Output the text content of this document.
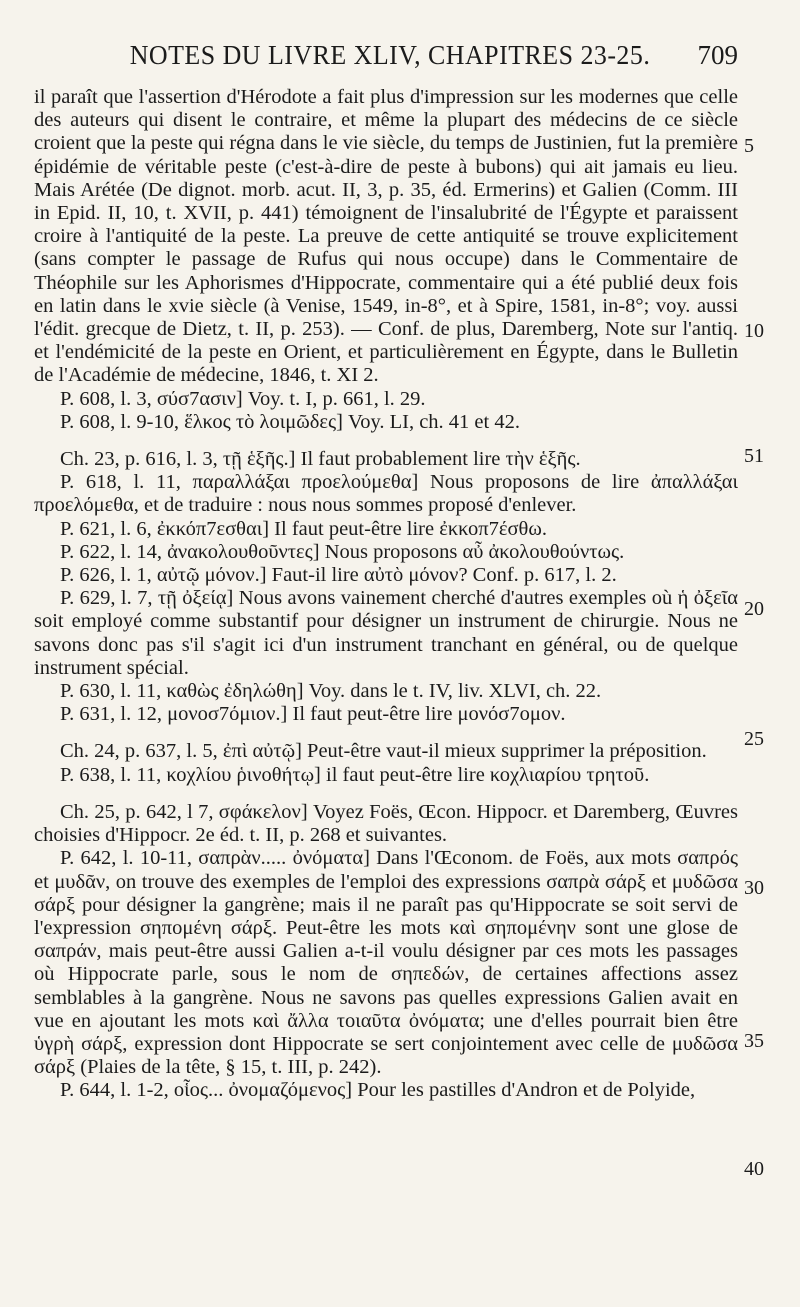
NOTES DU LIVRE XLIV, CHAPITRES 23-25.	709

il paraît que l'assertion d'Hérodote a fait plus d'impression sur les modernes que celle des auteurs qui disent le contraire, et même la plupart des médecins de ce siècle croient que la peste qui régna dans le vie siècle, du temps de Justinien, fut la première épidémie de véritable peste (c'est-à-dire de peste à bubons) qui ait jamais eu lieu. Mais Arétée (De dignot. morb. acut. II, 3, p. 35, éd. Ermerins) et Galien (Comm. III in Epid. II, 10, t. XVII, p. 441) témoignent de l'insalubrité de l'Égypte et paraissent croire à l'antiquité de la peste. La preuve de cette antiquité se trouve explicitement (sans compter le passage de Rufus qui nous occupe) dans le Commentaire de Théophile sur les Aphorismes d'Hippocrate, commentaire qui a été publié deux fois en latin dans le xvie siècle (à Venise, 1549, in-8°, et à Spire, 1581, in-8°; voy. aussi l'édit. grecque de Dietz, t. II, p. 253). — Conf. de plus, Daremberg, Note sur l'antiq. et l'endémicité de la peste en Orient, et particulièrement en Égypte, dans le Bulletin de l'Académie de médecine, 1846, t. XI 2.

P. 608, l. 3, σύσ7ασιν] Voy. t. I, p. 661, l. 29.

P. 608, l. 9-10, ἕλκος τὸ λοιμῶδες] Voy. LI, ch. 41 et 42.

Ch. 23, p. 616, l. 3, τῇ ἑξῆς.] Il faut probablement lire τὴν ἑξῆς.

P. 618, l. 11, παραλλάξαι προελούμεθα] Nous proposons de lire ἀπαλλάξαι προελόμεθα, et de traduire : nous nous sommes proposé d'enlever.

P. 621, l. 6, ἐκκόπ7εσθαι] Il faut peut-être lire ἐκκοπ7έσθω.

P. 622, l. 14, ἀνακολουθοῦντες] Nous proposons αὖ ἀκολουθούντως.

P. 626, l. 1, αὐτῷ μόνον.] Faut-il lire αὐτὸ μόνον? Conf. p. 617, l. 2.

P. 629, l. 7, τῇ ὀξείᾳ] Nous avons vainement cherché d'autres exemples où ἡ ὀξεῖα soit employé comme substantif pour désigner un instrument de chirurgie. Nous ne savons donc pas s'il s'agit ici d'un instrument tranchant en général, ou de quelque instrument spécial.

P. 630, l. 11, καθὼς ἐδηλώθη] Voy. dans le t. IV, liv. XLVI, ch. 22.

P. 631, l. 12, μονοσ7όμιον.] Il faut peut-être lire μονόσ7ομον.

Ch. 24, p. 637, l. 5, ἐπὶ αὐτῷ] Peut-être vaut-il mieux supprimer la préposition.

P. 638, l. 11, κοχλίου ῥινοθήτῳ] il faut peut-être lire κοχλιαρίου τρητοῦ.

Ch. 25, p. 642, l 7, σφάκελον] Voyez Foës, Œcon. Hippocr. et Daremberg, Œuvres choisies d'Hippocr. 2e éd. t. II, p. 268 et suivantes.

P. 642, l. 10-11, σαπρὰν..... ὀνόματα] Dans l'Œconom. de Foës, aux mots σαπρός et μυδᾶν, on trouve des exemples de l'emploi des expressions σαπρὰ σάρξ et μυδῶσα σάρξ pour désigner la gangrène; mais il ne paraît pas qu'Hippocrate se soit servi de l'expression σηπομένη σάρξ. Peut-être les mots καὶ σηπομένην sont une glose de σαπράν, mais peut-être aussi Galien a-t-il voulu désigner par ces mots les passages où Hippocrate parle, sous le nom de σηπεδών, de certaines affections assez semblables à la gangrène. Nous ne savons pas quelles expressions Galien avait en vue en ajoutant les mots καὶ ἄλλα τοιαῦτα ὀνόματα; une d'elles pourrait bien être ὑγρὴ σάρξ, expression dont Hippocrate se sert conjointement avec celle de μυδῶσα σάρξ (Plaies de la tête, § 15, t. III, p. 242).

P. 644, l. 1-2, οἷος... ὀνομαζόμενος] Pour les pastilles d'Andron et de Polyide,

5
10
51
20
25
30
35
40
